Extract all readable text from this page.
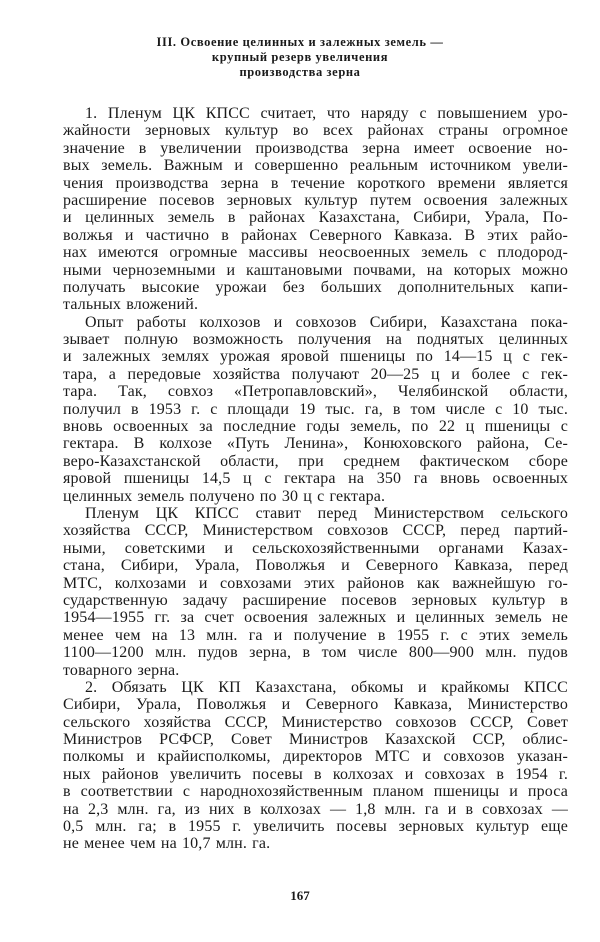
III. Освоение целинных и залежных земель —
крупный резерв увеличения
производства зерна
1. Пленум ЦК КПСС считает, что наряду с повышением уро-
жайности зерновых культур во всех районах страны огромное
значение в увеличении производства зерна имеет освоение но-
вых земель. Важным и совершенно реальным источником увели-
чения производства зерна в течение короткого времени является
расширение посевов зерновых культур путем освоения залежных
и целинных земель в районах Казахстана, Сибири, Урала, По-
волжья и частично в районах Северного Кавказа. В этих райо-
нах имеются огромные массивы неосвоенных земель с плодород-
ными черноземными и каштановыми почвами, на которых можно
получать высокие урожаи без больших дополнительных капи-
тальных вложений.
Опыт работы колхозов и совхозов Сибири, Казахстана пока-
зывает полную возможность получения на поднятых целинных
и залежных землях урожая яровой пшеницы по 14—15 ц с гек-
тара, а передовые хозяйства получают 20—25 ц и более с гек-
тара. Так, совхоз «Петропавловский», Челябинской области,
получил в 1953 г. с площади 19 тыс. га, в том числе с 10 тыс.
вновь освоенных за последние годы земель, по 22 ц пшеницы с
гектара. В колхозе «Путь Ленина», Конюховского района, Се-
веро-Казахстанской области, при среднем фактическом сборе
яровой пшеницы 14,5 ц с гектара на 350 га вновь освоенных
целинных земель получено по 30 ц с гектара.
Пленум ЦК КПСС ставит перед Министерством сельского
хозяйства СССР, Министерством совхозов СССР, перед партий-
ными, советскими и сельскохозяйственными органами Казах-
стана, Сибири, Урала, Поволжья и Северного Кавказа, перед
МТС, колхозами и совхозами этих районов как важнейшую го-
сударственную задачу расширение посевов зерновых культур в
1954—1955 гг. за счет освоения залежных и целинных земель не
менее чем на 13 млн. га и получение в 1955 г. с этих земель
1100—1200 млн. пудов зерна, в том числе 800—900 млн. пудов
товарного зерна.
2. Обязать ЦК КП Казахстана, обкомы и крайкомы КПСС
Сибири, Урала, Поволжья и Северного Кавказа, Министерство
сельского хозяйства СССР, Министерство совхозов СССР, Совет
Министров РСФСР, Совет Министров Казахской ССР, облис-
полкомы и крайисполкомы, директоров МТС и совхозов указан-
ных районов увеличить посевы в колхозах и совхозах в 1954 г.
в соответствии с народнохозяйственным планом пшеницы и проса
на 2,3 млн. га, из них в колхозах — 1,8 млн. га и в совхозах —
0,5 млн. га; в 1955 г. увеличить посевы зерновых культур еще
не менее чем на 10,7 млн. га.
167
